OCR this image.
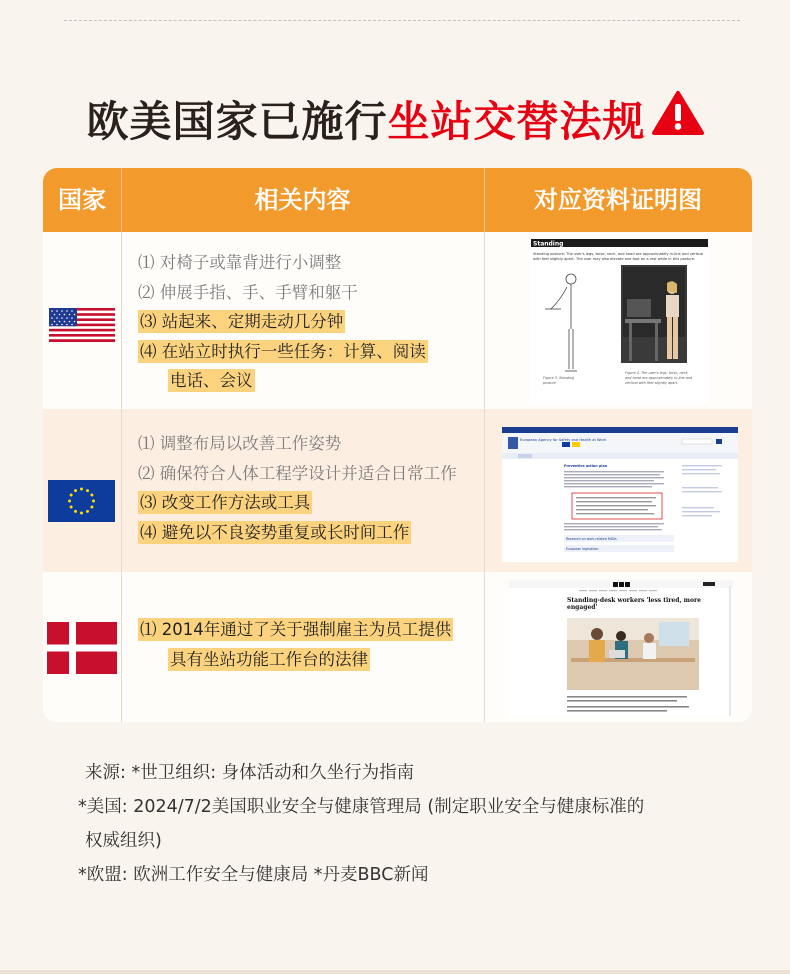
欧美国家已施行坐站交替法规
国家	相关内容	对应资料证明图
⑴ 对椅子或靠背进行小调整
⑵ 伸展手指、手、手臂和躯干
⑶ 站起来、定期走动几分钟
⑷ 在站立时执行一些任务：计算、阅读
电话、会议
Standing
Standing posture: The user's legs, torso, neck, and head are approximately in-line and vertical
with feet slightly apart. The user may also elevate one foot on a rest while in this posture.
Figure 3. Standing
posture
Figure 4. The user's legs, torso, neck,
and head are approximately in-line and
vertical with feet slightly apart.
⑴ 调整布局以改善工作姿势
⑵ 确保符合人体工程学设计并适合日常工作
⑶ 改变工作方法或工具
⑷ 避免以不良姿势重复或长时间工作
European Agency for Safety and Health at Work
Preventive action plan
Research on work-related MSDs
European legislation
⑴ 2014年通过了关于强制雇主为员工提供
具有坐站功能工作台的法律
Standing-desk workers 'less tired, more
engaged'
来源: *世卫组织: 身体活动和久坐行为指南
*美国: 2024/7/2美国职业安全与健康管理局 (制定职业安全与健康标准的
权威组织)
*欧盟: 欧洲工作安全与健康局 *丹麦BBC新闻
